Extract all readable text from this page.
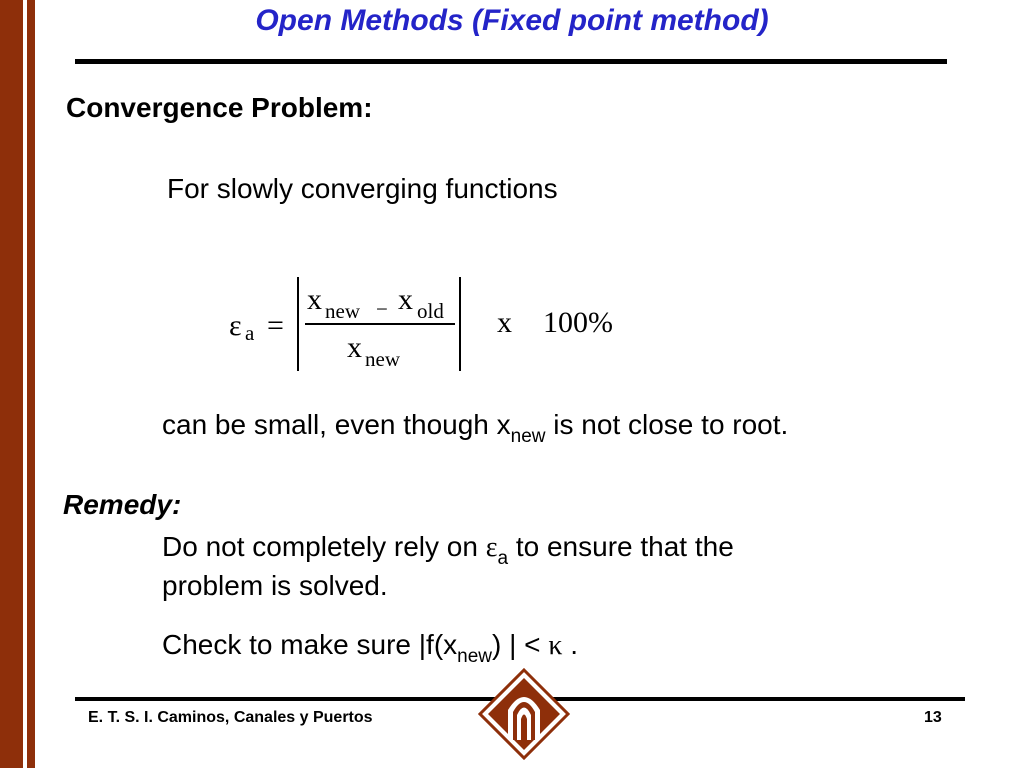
Open Methods (Fixed point method)
Convergence Problem:
For slowly converging functions
ε a =
x new − x old
x new
x 100%
can be small, even though $x_{new}$ is not close to root.
Remedy:
Do not completely rely on $\varepsilon_a$ to ensure that the
problem is solved.
Check to make sure $|f(x_{new})$ | < κ .
E. T. S. I. Caminos, Canales y Puertos	13
